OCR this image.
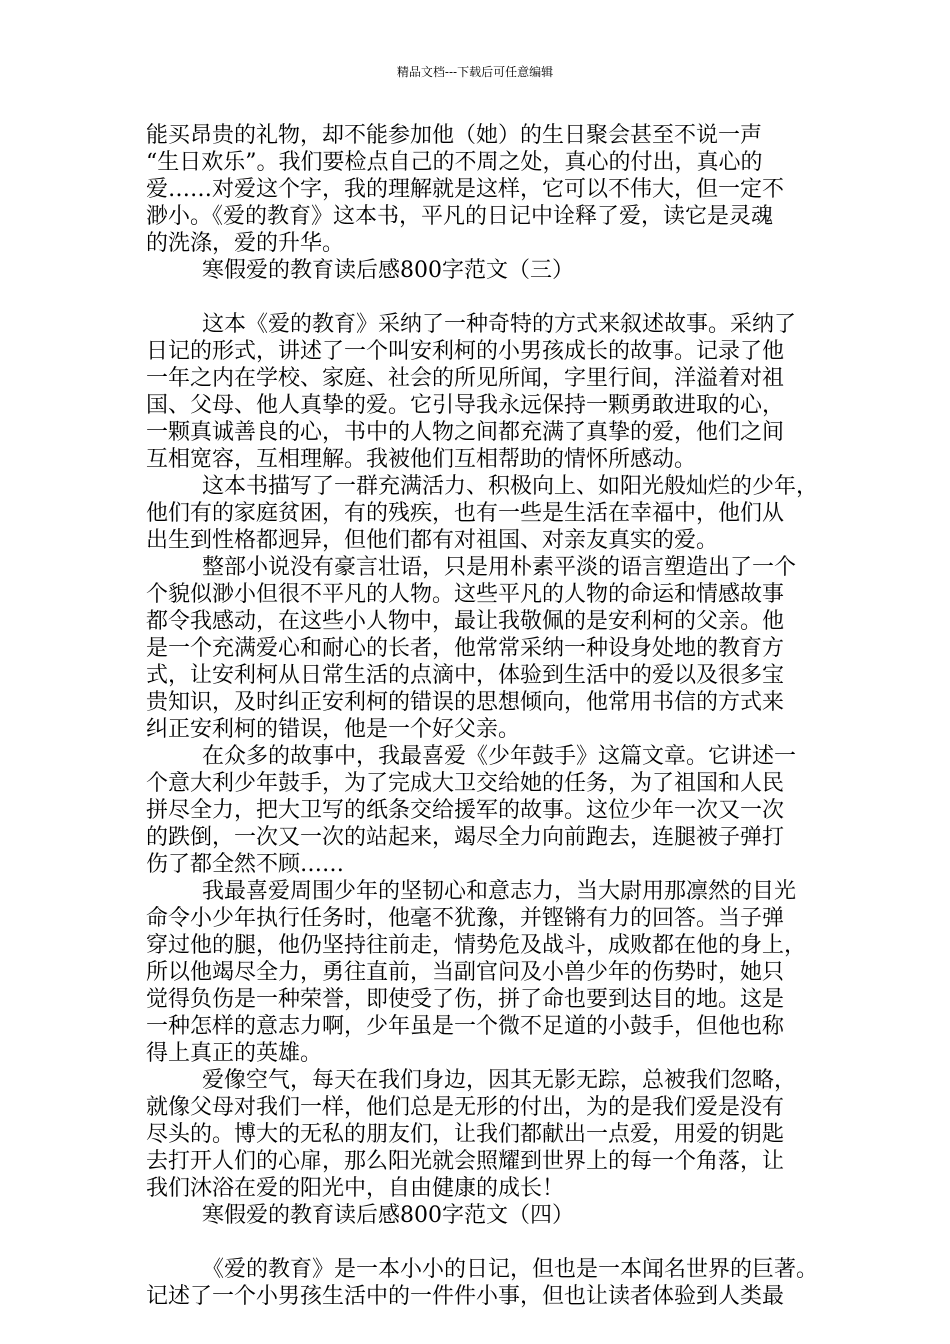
精品文档---下载后可任意编辑
能买昂贵的礼物，却不能参加他（她）的生日聚会甚至不说一声
“生日欢乐”。我们要检点自己的不周之处，真心的付出，真心的
爱……对爱这个字，我的理解就是这样，它可以不伟大，但一定不
渺小。《爱的教育》这本书，平凡的日记中诠释了爱，读它是灵魂
的洗涤，爱的升华。
寒假爱的教育读后感800字范文（三）
这本《爱的教育》采纳了一种奇特的方式来叙述故事。采纳了
日记的形式，讲述了一个叫安利柯的小男孩成长的故事。记录了他
一年之内在学校、家庭、社会的所见所闻，字里行间，洋溢着对祖
国、父母、他人真挚的爱。它引导我永远保持一颗勇敢进取的心，
一颗真诚善良的心，书中的人物之间都充满了真挚的爱，他们之间
互相宽容，互相理解。我被他们互相帮助的情怀所感动。
这本书描写了一群充满活力、积极向上、如阳光般灿烂的少年，
他们有的家庭贫困，有的残疾，也有一些是生活在幸福中，他们从
出生到性格都迥异，但他们都有对祖国、对亲友真实的爱。
整部小说没有豪言壮语，只是用朴素平淡的语言塑造出了一个
个貌似渺小但很不平凡的人物。这些平凡的人物的命运和情感故事
都令我感动，在这些小人物中，最让我敬佩的是安利柯的父亲。他
是一个充满爱心和耐心的长者，他常常采纳一种设身处地的教育方
式，让安利柯从日常生活的点滴中，体验到生活中的爱以及很多宝
贵知识，及时纠正安利柯的错误的思想倾向，他常用书信的方式来
纠正安利柯的错误，他是一个好父亲。
在众多的故事中，我最喜爱《少年鼓手》这篇文章。它讲述一
个意大利少年鼓手，为了完成大卫交给她的任务，为了祖国和人民
拼尽全力，把大卫写的纸条交给援军的故事。这位少年一次又一次
的跌倒，一次又一次的站起来，竭尽全力向前跑去，连腿被子弹打
伤了都全然不顾……
我最喜爱周围少年的坚韧心和意志力，当大尉用那凛然的目光
命令小少年执行任务时，他毫不犹豫，并铿锵有力的回答。当子弹
穿过他的腿，他仍坚持往前走，情势危及战斗，成败都在他的身上，
所以他竭尽全力，勇往直前，当副官问及小兽少年的伤势时，她只
觉得负伤是一种荣誉，即使受了伤，拼了命也要到达目的地。这是
一种怎样的意志力啊，少年虽是一个微不足道的小鼓手，但他也称
得上真正的英雄。
爱像空气，每天在我们身边，因其无影无踪，总被我们忽略，
就像父母对我们一样，他们总是无形的付出，为的是我们爱是没有
尽头的。博大的无私的朋友们，让我们都献出一点爱，用爱的钥匙
去打开人们的心扉，那么阳光就会照耀到世界上的每一个角落，让
我们沐浴在爱的阳光中，自由健康的成长！
寒假爱的教育读后感800字范文（四）
《爱的教育》是一本小小的日记，但也是一本闻名世界的巨著。
记述了一个小男孩生活中的一件件小事，但也让读者体验到人类最
